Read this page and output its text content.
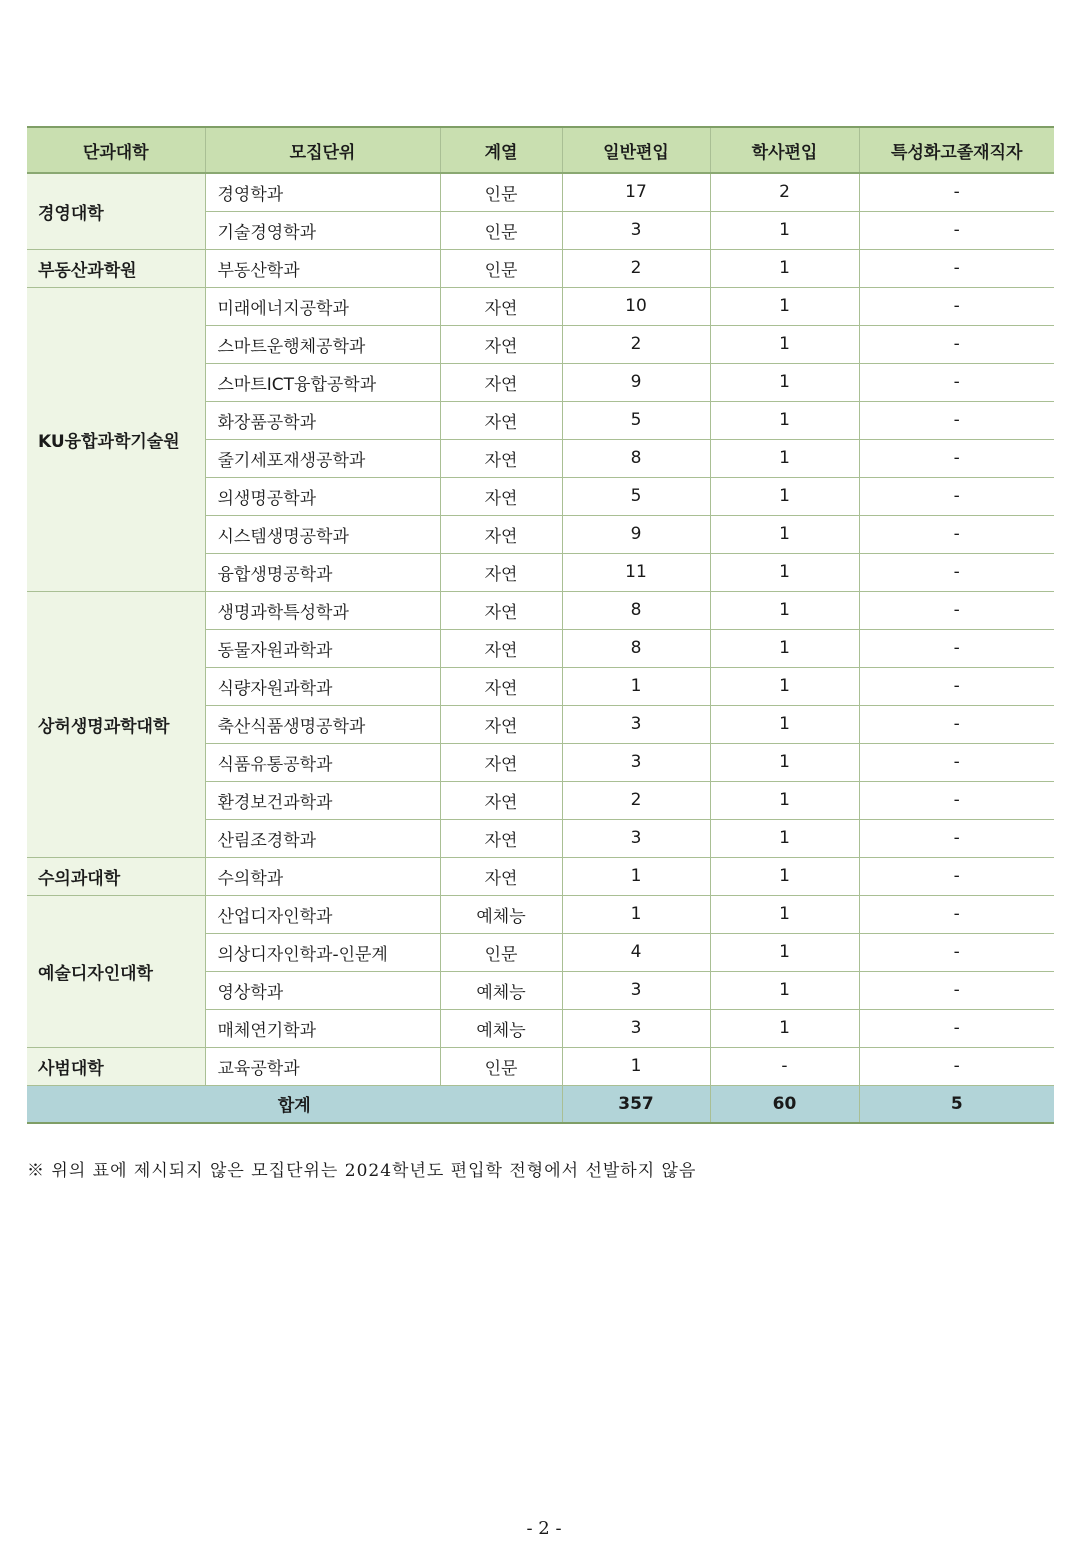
단과대학	모집단위	계열	일반편입	학사편입	특성화고졸재직자
경영대학	경영학과	인문	17	2	-
	기술경영학과	인문	3	1	-
부동산과학원	부동산학과	인문	2	1	-
KU융합과학기술원	미래에너지공학과	자연	10	1	-
	스마트운행체공학과	자연	2	1	-
	스마트ICT융합공학과	자연	9	1	-
	화장품공학과	자연	5	1	-
	줄기세포재생공학과	자연	8	1	-
	의생명공학과	자연	5	1	-
	시스템생명공학과	자연	9	1	-
	융합생명공학과	자연	11	1	-
상허생명과학대학	생명과학특성학과	자연	8	1	-
	동물자원과학과	자연	8	1	-
	식량자원과학과	자연	1	1	-
	축산식품생명공학과	자연	3	1	-
	식품유통공학과	자연	3	1	-
	환경보건과학과	자연	2	1	-
	산림조경학과	자연	3	1	-
수의과대학	수의학과	자연	1	1	-
예술디자인대학	산업디자인학과	예체능	1	1	-
	의상디자인학과-인문계	인문	4	1	-
	영상학과	예체능	3	1	-
	매체연기학과	예체능	3	1	-
사범대학	교육공학과	인문	1	-	-
합계			357	60	5
※ 위의 표에 제시되지 않은 모집단위는 2024학년도 편입학 전형에서 선발하지 않음
- 2 -
